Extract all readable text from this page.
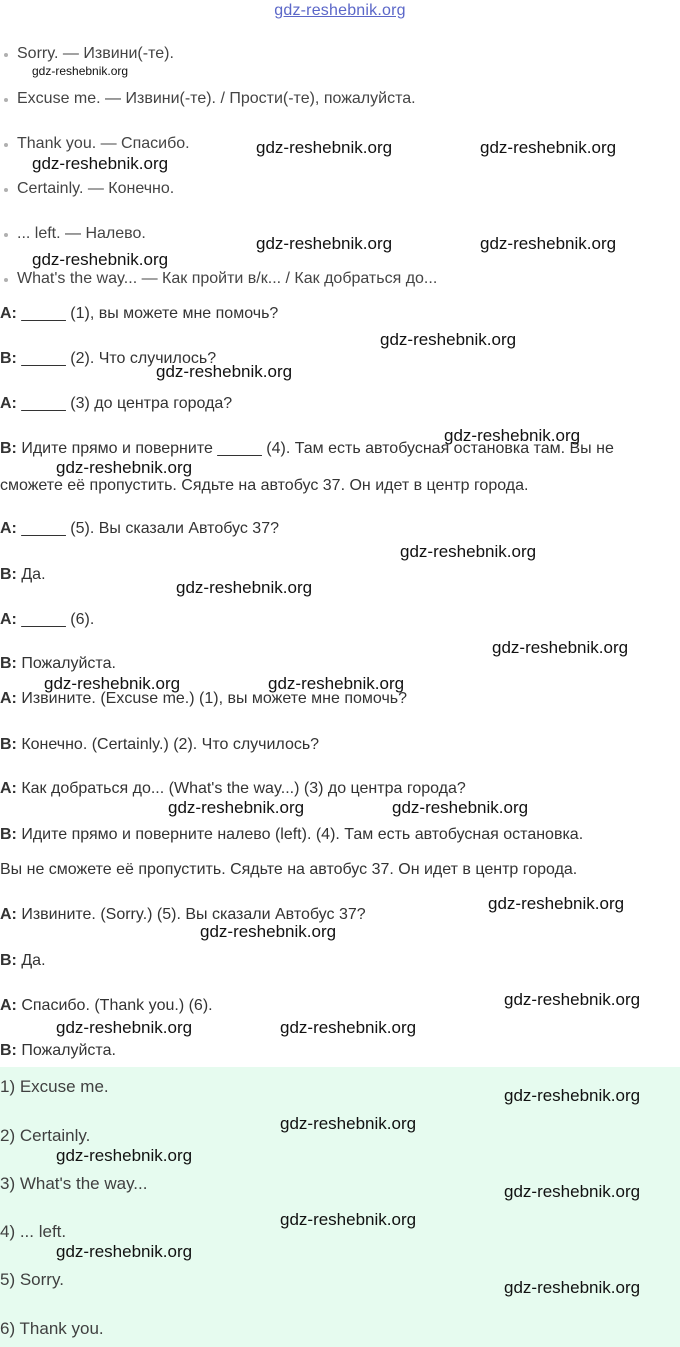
gdz-reshebnik.org
Sorry. — Извини(-те).
Excuse me. — Извини(-те). / Прости(-те), пожалуйста.
Thank you. — Спасибо.
Certainly. — Конечно.
... left. — Налево.
What's the way... — Как пройти в/к... / Как добраться до...
A: _____ (1), вы можете мне помочь?
B: _____ (2). Что случилось?
A: _____ (3) до центра города?
B: Идите прямо и поверните _____ (4). Там есть автобусная остановка там. Вы не
сможете её пропустить. Сядьте на автобус 37. Он идет в центр города.
A: _____ (5). Вы сказали Автобус 37?
B: Да.
A: _____ (6).
B: Пожалуйста.
A: Извините. (Excuse me.) (1), вы можете мне помочь?
B: Конечно. (Certainly.) (2). Что случилось?
A: Как добраться до... (What's the way...) (3) до центра города?
B: Идите прямо и поверните налево (left). (4). Там есть автобусная остановка.
Вы не сможете её пропустить. Сядьте на автобус 37. Он идет в центр города.
A: Извините. (Sorry.) (5). Вы сказали Автобус 37?
B: Да.
A: Спасибо. (Thank you.) (6).
B: Пожалуйста.
1) Excuse me.
2) Certainly.
3) What's the way...
4) ... left.
5) Sorry.
6) Thank you.
gdz-reshebnik.org
gdz-reshebnik.org	gdz-reshebnik.org
gdz-reshebnik.org
gdz-reshebnik.org	gdz-reshebnik.org
gdz-reshebnik.org
gdz-reshebnik.org
gdz-reshebnik.org
gdz-reshebnik.org
gdz-reshebnik.org
gdz-reshebnik.org
gdz-reshebnik.org
gdz-reshebnik.org
gdz-reshebnik.org	gdz-reshebnik.org
gdz-reshebnik.org	gdz-reshebnik.org
gdz-reshebnik.org
gdz-reshebnik.org
gdz-reshebnik.org
gdz-reshebnik.org	gdz-reshebnik.org
gdz-reshebnik.org
gdz-reshebnik.org
gdz-reshebnik.org
gdz-reshebnik.org
gdz-reshebnik.org
gdz-reshebnik.org
gdz-reshebnik.org
